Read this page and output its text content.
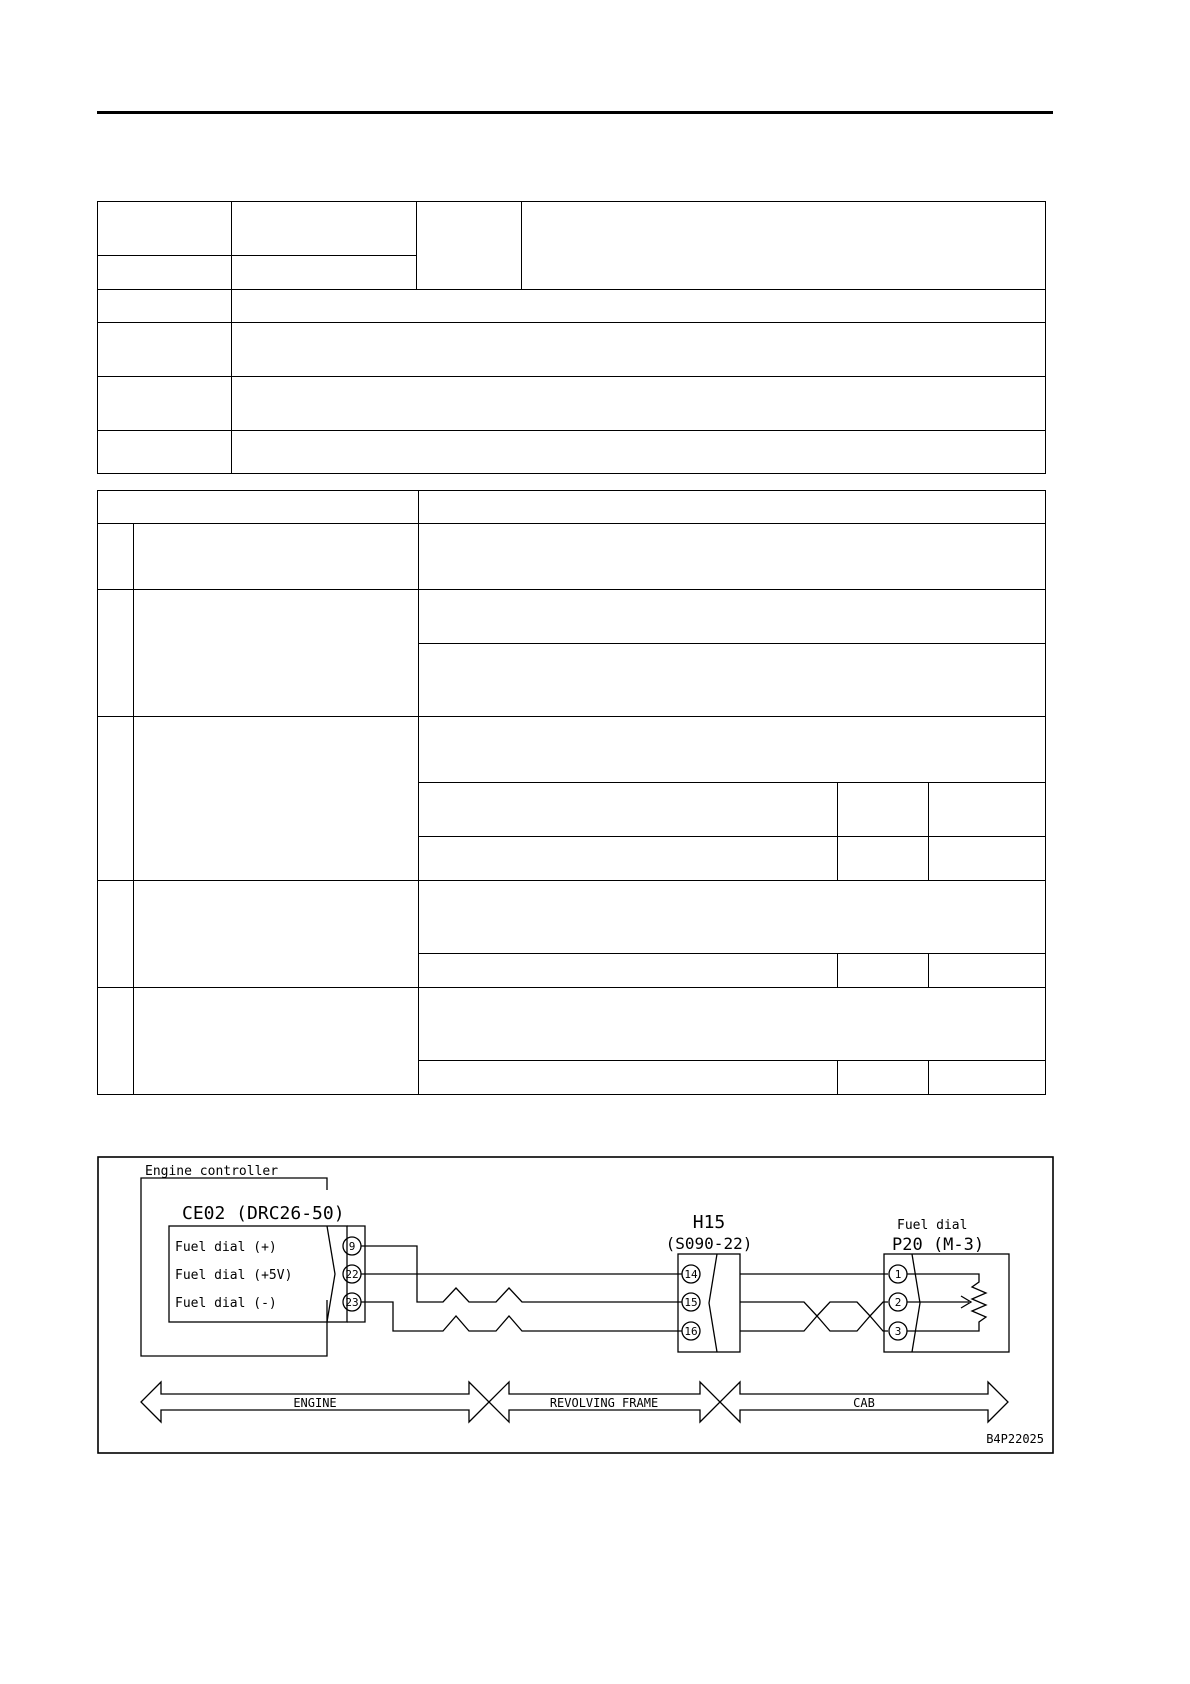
Engine controller
CE02 (DRC26-50)
Fuel dial (+)
Fuel dial (+5V)
Fuel dial (-)
9
22
23
H15
(S090-22)
14
15
16
Fuel dial
P20 (M-3)
1
2
3
ENGINE	REVOLVING FRAME	CAB
B4P22025
